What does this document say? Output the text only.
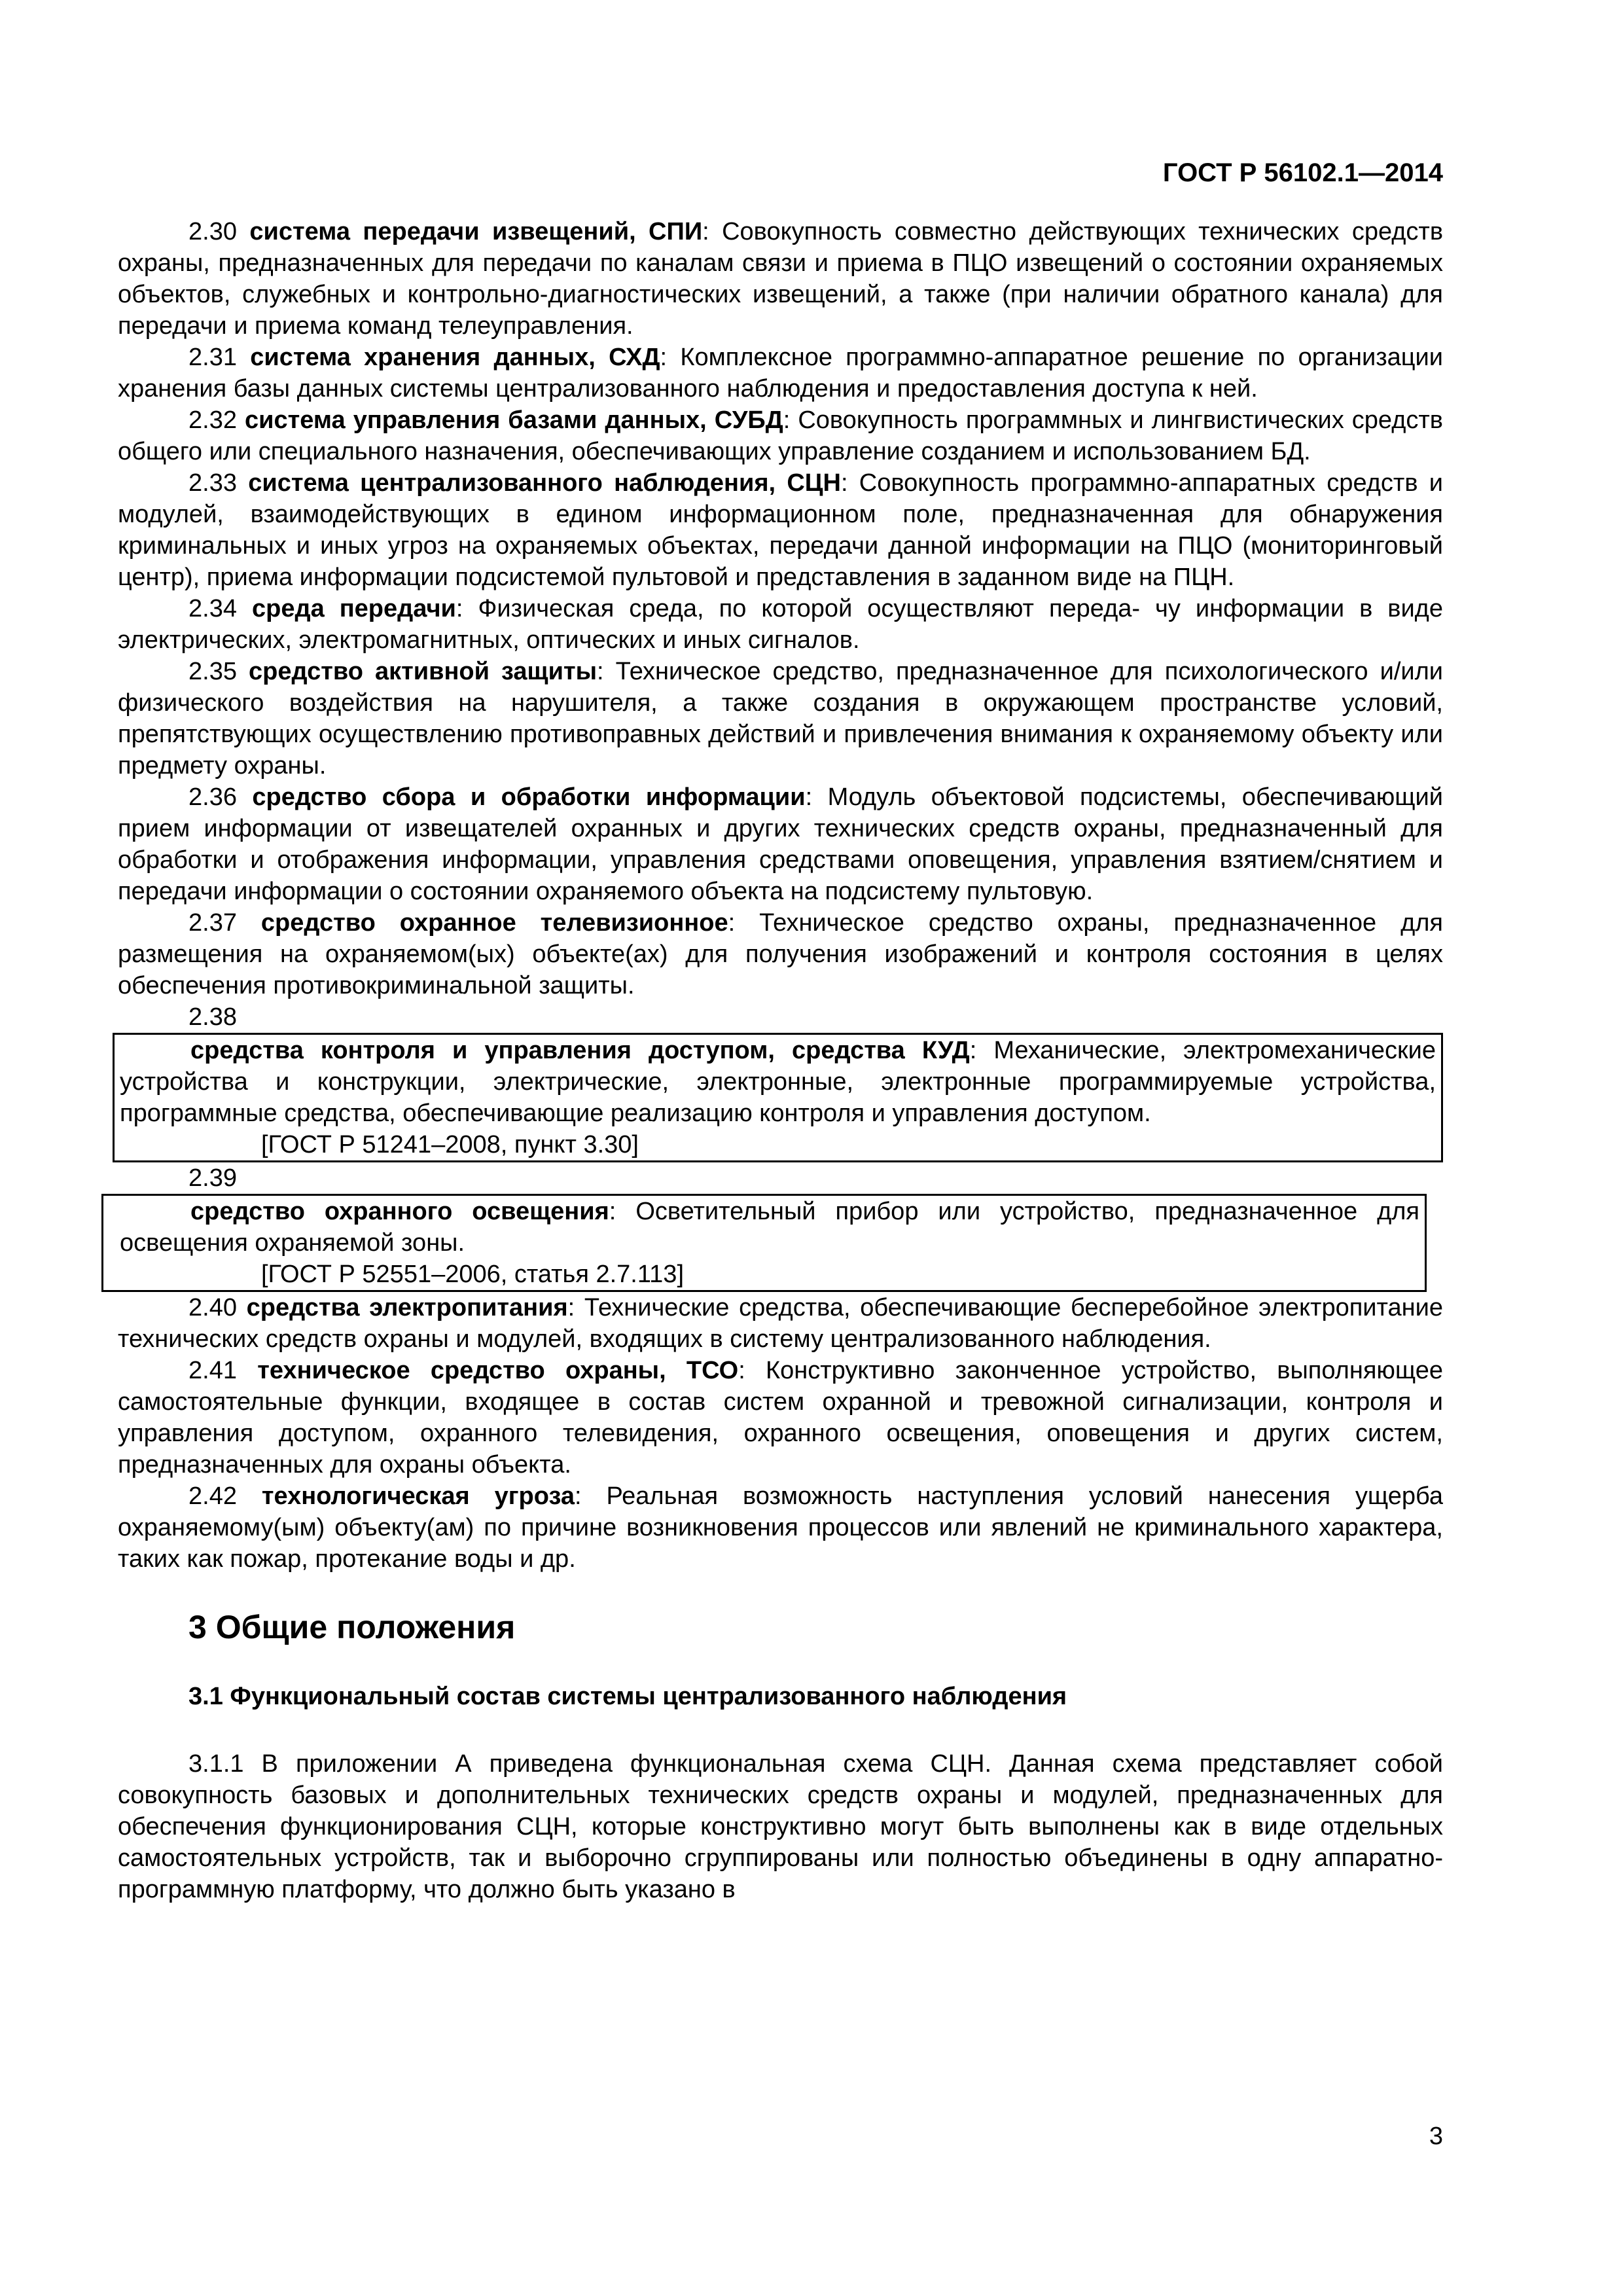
ГОСТ Р 56102.1—2014

2.30 система передачи извещений, СПИ: Совокупность совместно действующих технических средств охраны, предназначенных для передачи по каналам связи и приема в ПЦО извещений о состоянии охраняемых объектов, служебных и контрольно-диагностических извещений, а также (при наличии обратного канала) для передачи и приема команд телеуправления.

2.31 система хранения данных, СХД: Комплексное программно-аппаратное решение по организации хранения базы данных системы централизованного наблюдения и предоставления доступа к ней.

2.32 система управления базами данных, СУБД: Совокупность программных и лингвистических средств общего или специального назначения, обеспечивающих управление созданием и использованием БД.

2.33 система централизованного наблюдения, СЦН: Совокупность программно-аппаратных средств и модулей, взаимодействующих в едином информационном поле, предназначенная для обнаружения криминальных и иных угроз на охраняемых объектах, передачи данной информации на ПЦО (мониторинговый центр), приема информации подсистемой пультовой и представления в заданном виде на ПЦН.

2.34 среда передачи: Физическая среда, по которой осуществляют переда- чу информации в виде электрических, электромагнитных, оптических и иных сигналов.

2.35 средство активной защиты: Техническое средство, предназначенное для психологического и/или физического воздействия на нарушителя, а также создания в окружающем пространстве условий, препятствующих осуществлению противоправных действий и привлечения внимания к охраняемому объекту или предмету охраны.

2.36 средство сбора и обработки информации: Модуль объектовой подсистемы, обеспечивающий прием информации от извещателей охранных и других технических средств охраны, предназначенный для обработки и отображения информации, управления средствами оповещения, управления взятием/снятием и передачи информации о состоянии охраняемого объекта на подсистему пультовую.

2.37 средство охранное телевизионное: Техническое средство охраны, предназначенное для размещения на охраняемом(ых) объекте(ах) для получения изображений и контроля состояния в целях обеспечения противокриминальной защиты.

2.38

средства контроля и управления доступом, средства КУД: Механические, электромеханические устройства и конструкции, электрические, электронные, электронные программируемые устройства, программные средства, обеспечивающие реализацию контроля и управления доступом.

[ГОСТ Р 51241–2008, пункт 3.30]

2.39

средство охранного освещения: Осветительный прибор или устройство, предназначенное для освещения охраняемой зоны.

[ГОСТ Р 52551–2006, статья 2.7.113]

2.40 средства электропитания: Технические средства, обеспечивающие бесперебойное электропитание технических средств охраны и модулей, входящих в систему централизованного наблюдения.

2.41 техническое средство охраны, ТСО: Конструктивно законченное устройство, выполняющее самостоятельные функции, входящее в состав систем охранной и тревожной сигнализации, контроля и управления доступом, охранного телевидения, охранного освещения, оповещения и других систем, предназначенных для охраны объекта.

2.42 технологическая угроза: Реальная возможность наступления условий нанесения ущерба охраняемому(ым) объекту(ам) по причине возникновения процессов или явлений не криминального характера, таких как пожар, протекание воды и др.

3 Общие положения
3.1 Функциональный состав системы централизованного наблюдения

3.1.1 В приложении А приведена функциональная схема СЦН. Данная схема представляет собой совокупность базовых и дополнительных технических средств охраны и модулей, предназначенных для обеспечения функционирования СЦН, которые конструктивно могут быть выполнены как в виде отдельных самостоятельных устройств, так и выборочно сгруппированы или полностью объединены в одну аппаратно-программную платформу, что должно быть указано в

3
